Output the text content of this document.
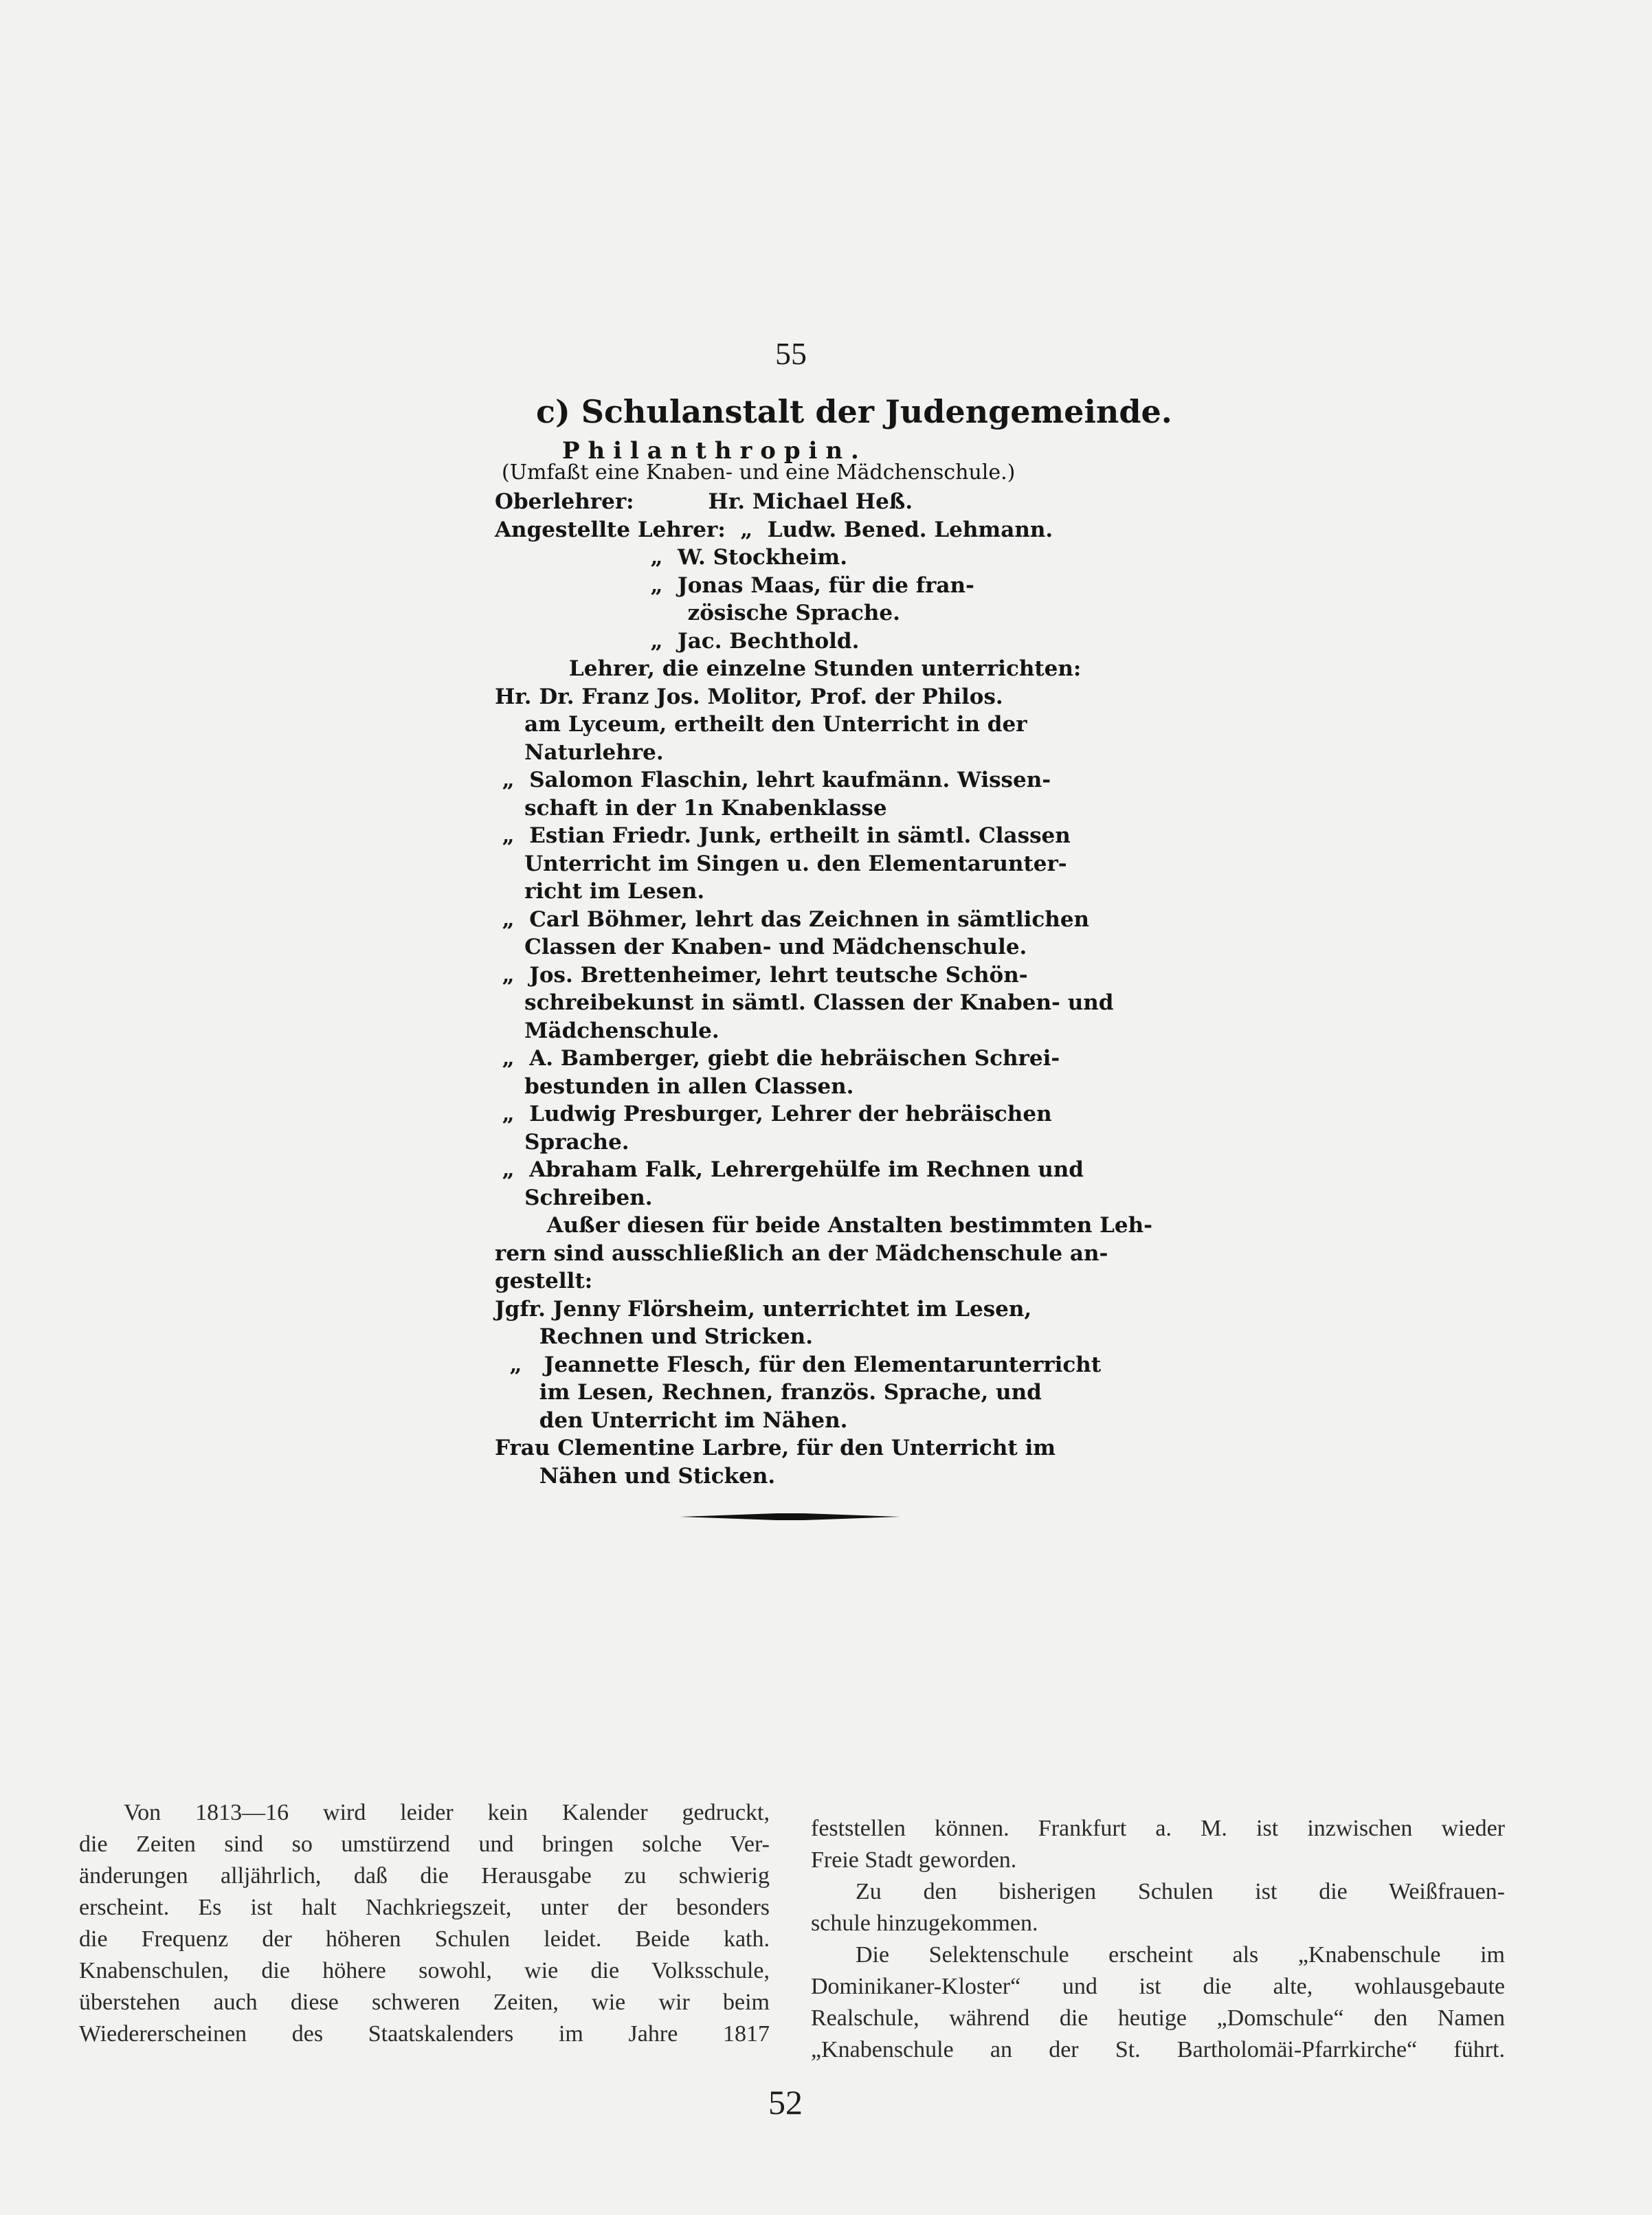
55
c) Schulanstalt der Judengemeinde.
Philanthropin.
(Umfaßt eine Knaben- und eine Mädchenschule.)
Oberlehrer:          Hr. Michael Heß.
Angestellte Lehrer:  „  Ludw. Bened. Lehmann.
„  W. Stockheim.
„  Jonas Maas, für die fran-
zösische Sprache.
„  Jac. Bechthold.
Lehrer, die einzelne Stunden unterrichten:
Hr. Dr. Franz Jos. Molitor, Prof. der Philos.
am Lyceum, ertheilt den Unterricht in der
Naturlehre.
„  Salomon Flaschin, lehrt kaufmänn. Wissen-
schaft in der 1n Knabenklasse
„  Estian Friedr. Junk, ertheilt in sämtl. Classen
Unterricht im Singen u. den Elementarunter-
richt im Lesen.
„  Carl Böhmer, lehrt das Zeichnen in sämtlichen
Classen der Knaben- und Mädchenschule.
„  Jos. Brettenheimer, lehrt teutsche Schön-
schreibekunst in sämtl. Classen der Knaben- und
Mädchenschule.
„  A. Bamberger, giebt die hebräischen Schrei-
bestunden in allen Classen.
„  Ludwig Presburger, Lehrer der hebräischen
Sprache.
„  Abraham Falk, Lehrergehülfe im Rechnen und
Schreiben.
Außer diesen für beide Anstalten bestimmten Leh-
rern sind ausschließlich an der Mädchenschule an-
gestellt:
Jgfr. Jenny Flörsheim, unterrichtet im Lesen,
Rechnen und Stricken.
„   Jeannette Flesch, für den Elementarunterricht
im Lesen, Rechnen, französ. Sprache, und
den Unterricht im Nähen.
Frau Clementine Larbre, für den Unterricht im
Nähen und Sticken.
Von 1813—16 wird leider kein Kalender gedruckt,
die Zeiten sind so umstürzend und bringen solche Ver-
änderungen alljährlich, daß die Herausgabe zu schwierig
erscheint. Es ist halt Nachkriegszeit, unter der besonders
die Frequenz der höheren Schulen leidet. Beide kath.
Knabenschulen, die höhere sowohl, wie die Volksschule,
überstehen auch diese schweren Zeiten, wie wir beim
Wiedererscheinen des Staatskalenders im Jahre 1817
feststellen können. Frankfurt a. M. ist inzwischen wieder
Freie Stadt geworden.
Zu den bisherigen Schulen ist die Weißfrauen-
schule hinzugekommen.
Die Selektenschule erscheint als „Knabenschule im
Dominikaner-Kloster“ und ist die alte, wohlausgebaute
Realschule, während die heutige „Domschule“ den Namen
„Knabenschule an der St. Bartholomäi-Pfarrkirche“ führt.
52
